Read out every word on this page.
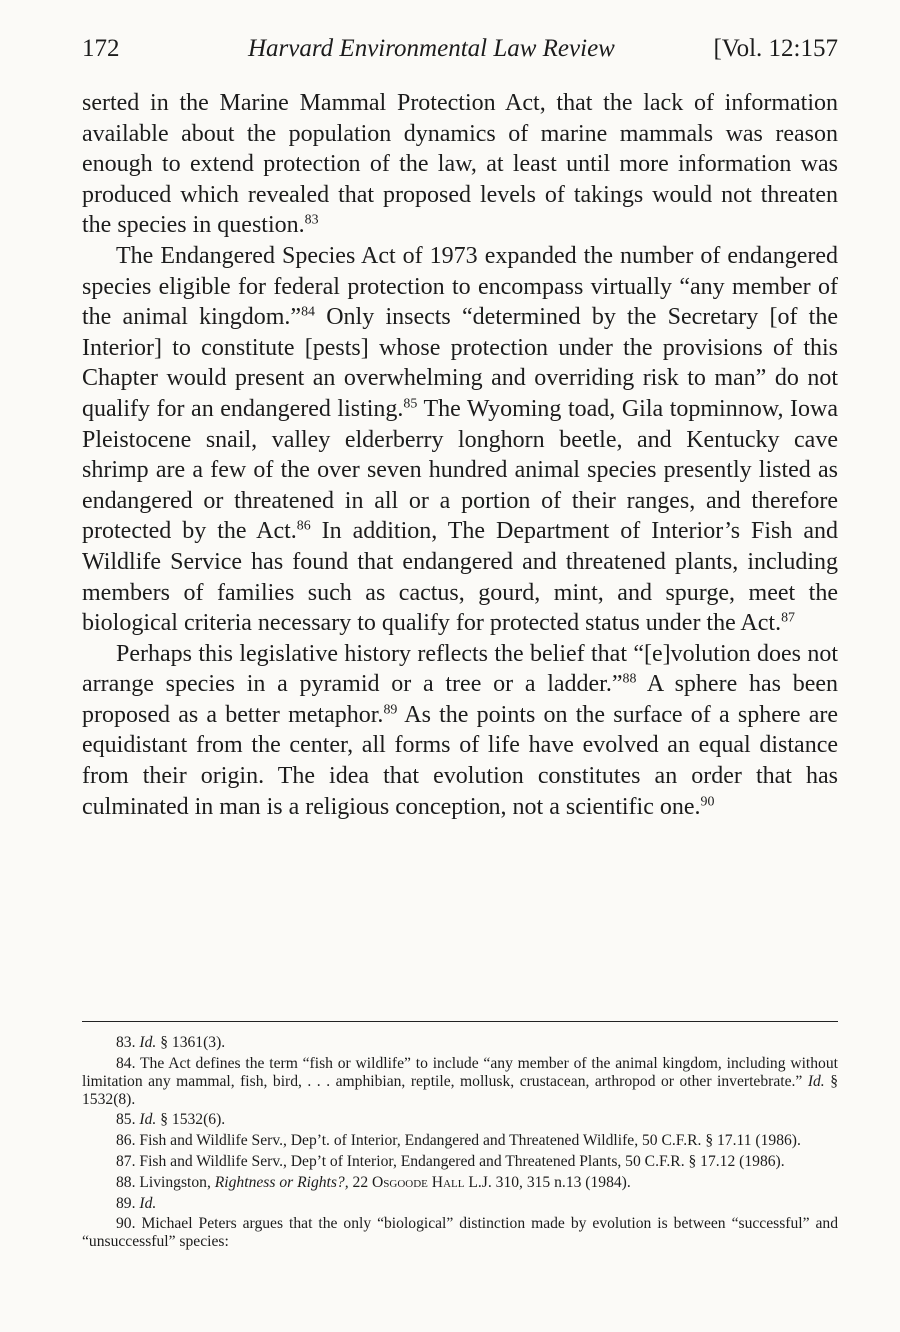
172	Harvard Environmental Law Review	[Vol. 12:157

serted in the Marine Mammal Protection Act, that the lack of information available about the population dynamics of marine mammals was reason enough to extend protection of the law, at least until more information was produced which revealed that proposed levels of takings would not threaten the species in question.$^{83}$

The Endangered Species Act of 1973 expanded the number of endangered species eligible for federal protection to encompass virtually “any member of the animal kingdom.”$^{84}$ Only insects “determined by the Secretary [of the Interior] to constitute [pests] whose protection under the provisions of this Chapter would present an overwhelming and overriding risk to man” do not qualify for an endangered listing.$^{85}$ The Wyoming toad, Gila topminnow, Iowa Pleistocene snail, valley elderberry longhorn beetle, and Kentucky cave shrimp are a few of the over seven hundred animal species presently listed as endangered or threatened in all or a portion of their ranges, and therefore protected by the Act.$^{86}$ In addition, The Department of Interior’s Fish and Wildlife Service has found that endangered and threatened plants, including members of families such as cactus, gourd, mint, and spurge, meet the biological criteria necessary to qualify for protected status under the Act.$^{87}$

Perhaps this legislative history reflects the belief that “[e]volution does not arrange species in a pyramid or a tree or a ladder.”$^{88}$ A sphere has been proposed as a better metaphor.$^{89}$ As the points on the surface of a sphere are equidistant from the center, all forms of life have evolved an equal distance from their origin. The idea that evolution constitutes an order that has culminated in man is a religious conception, not a scientific one.$^{90}$

83. Id. § 1361(3).

84. The Act defines the term “fish or wildlife” to include “any member of the animal kingdom, including without limitation any mammal, fish, bird, . . . amphibian, reptile, mollusk, crustacean, arthropod or other invertebrate.” Id. § 1532(8).

85. Id. § 1532(6).

86. Fish and Wildlife Serv., Dep’t. of Interior, Endangered and Threatened Wildlife, 50 C.F.R. § 17.11 (1986).

87. Fish and Wildlife Serv., Dep’t of Interior, Endangered and Threatened Plants, 50 C.F.R. § 17.12 (1986).

88. Livingston, Rightness or Rights?, 22 Osgoode Hall L.J. 310, 315 n.13 (1984).

89. Id.

90. Michael Peters argues that the only “biological” distinction made by evolution is between “successful” and “unsuccessful” species:
